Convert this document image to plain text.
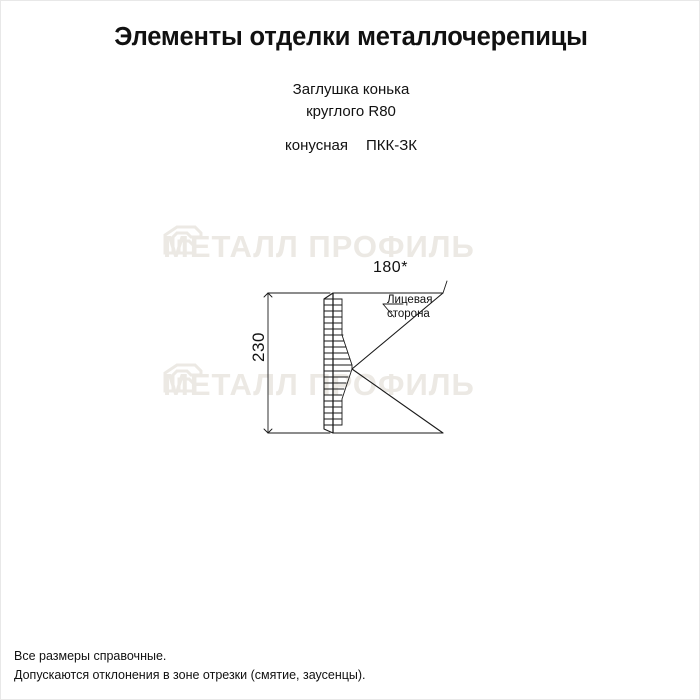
Элементы отделки металлочерепицы
Заглушка конька
круглого R80
конусная ПКК-ЗК
МЕТАЛЛ ПРОФИЛЬ
МЕТАЛЛ ПРОФИЛЬ
230
180*
Лицевая
сторона
Все размеры справочные.
Допускаются отклонения в зоне отрезки (смятие, заусенцы).
